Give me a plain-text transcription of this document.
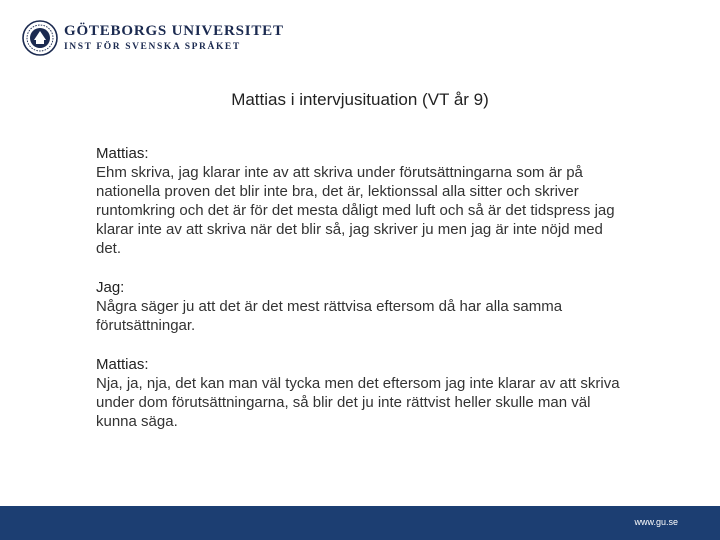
GÖTEBORGS UNIVERSITET
INST FÖR SVENSKA SPRÅKET
Mattias i intervjusituation (VT år 9)
Mattias:
Ehm skriva, jag klarar inte av att skriva under förutsättningarna som är på nationella proven det blir inte bra, det är, lektionssal alla sitter och skriver runtomkring och det är för det mesta dåligt med luft och så är det tidspress jag klarar inte av att skriva när det blir så, jag skriver ju men jag är inte nöjd med det.
Jag:
Några säger ju att det är det mest rättvisa eftersom då har alla samma förutsättningar.
Mattias:
Nja, ja, nja, det kan man väl tycka men det eftersom jag inte klarar av att skriva under dom förutsättningarna, så blir det ju inte rättvist heller skulle man väl kunna säga.
www.gu.se
